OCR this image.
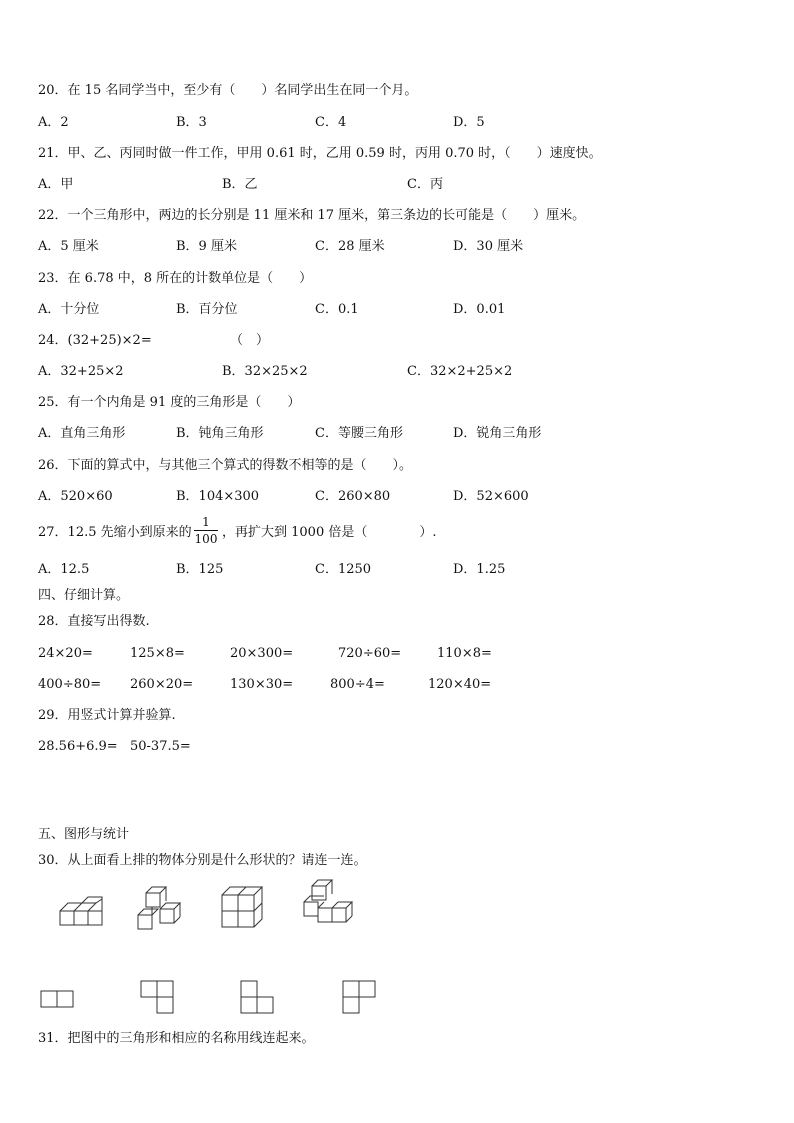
20．在 15 名同学当中，至少有（　　）名同学出生在同一个月。
A．2	B．3	C．4	D．5
21．甲、乙、丙同时做一件工作，甲用 0.61 时，乙用 0.59 时，丙用 0.70 时，（　　）速度快。
A．甲	B．乙	C．丙
22．一个三角形中，两边的长分别是 11 厘米和 17 厘米，第三条边的长可能是（　　）厘米。
A．5 厘米	B．9 厘米	C．28 厘米	D．30 厘米
23．在 6.78 中，8 所在的计数单位是（　　）
A．十分位	B．百分位	C．0.1	D．0.01
24．(32+25)×2=	（　）
A．32+25×2	B．32×25×2	C．32×2+25×2
25．有一个内角是 91 度的三角形是（　　）
A．直角三角形	B．钝角三角形	C．等腰三角形	D．锐角三角形
26．下面的算式中，与其他三个算式的得数不相等的是（　　）。
A．520×60	B．104×300	C．260×80	D．52×600
27．12.5 先缩小到原来的
1
100 ，再扩大到 1000 倍是（　　　　）.
A．12.5	B．125	C．1250	D．1.25
四、仔细计算。
28．直接写出得数.
24×20=	125×8=	20×300=	720÷60=	110×8=
400÷80= 260×20=	130×30=	800÷4=	120×40=
29．用竖式计算并验算.
28.56+6.9= 50-37.5=
五、图形与统计
30．从上面看上排的物体分别是什么形状的？请连一连。
31．把图中的三角形和相应的名称用线连起来。
